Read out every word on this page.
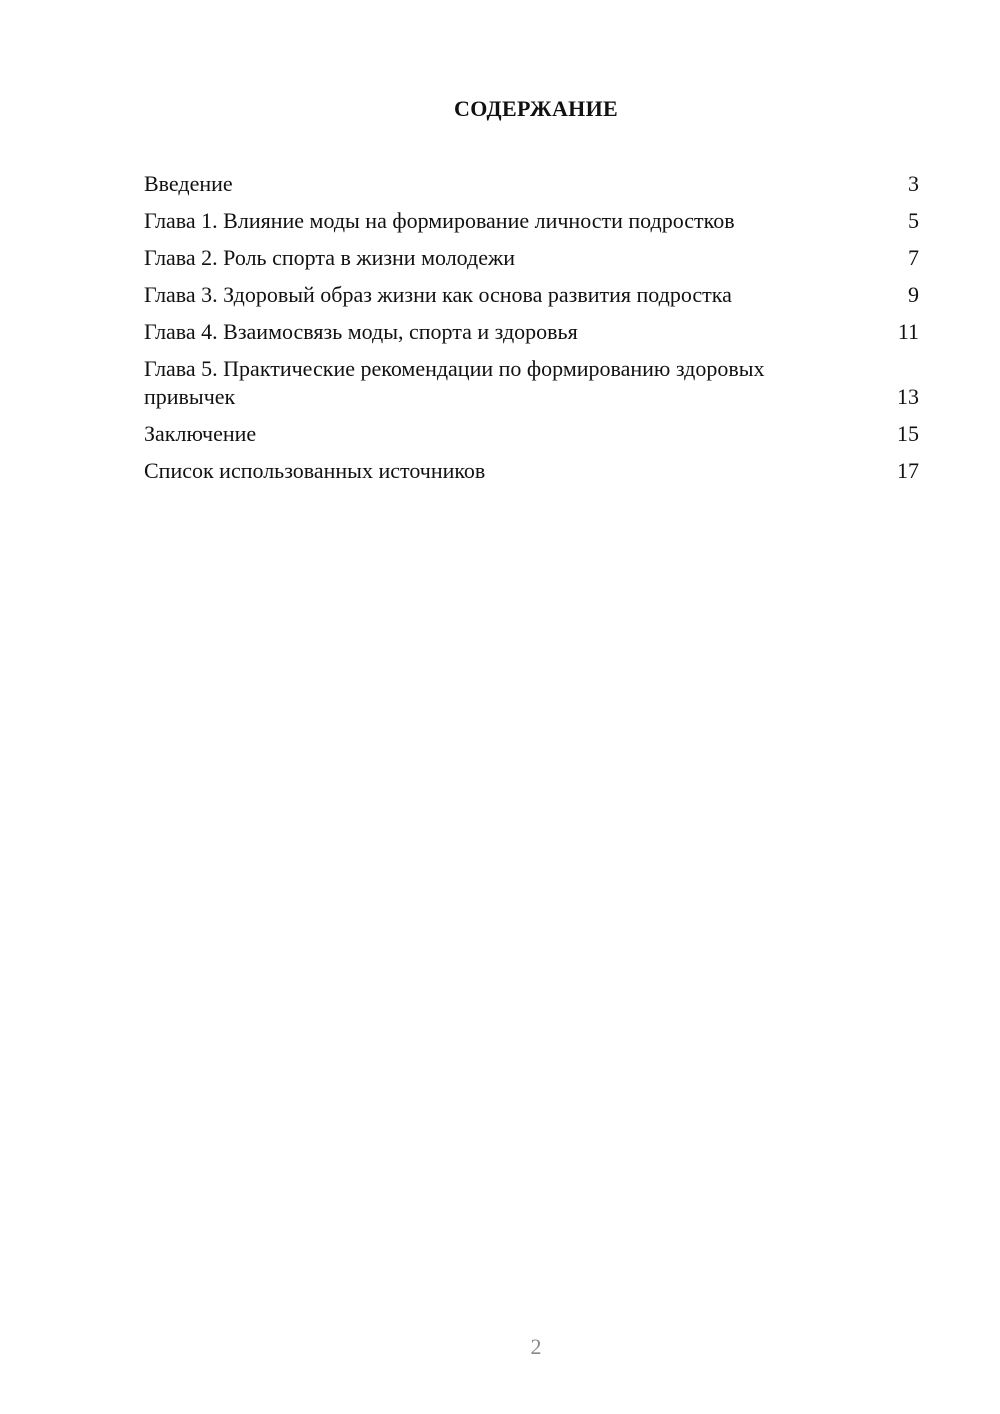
СОДЕРЖАНИЕ
Введение	3
Глава 1. Влияние моды на формирование личности подростков	5
Глава 2. Роль спорта в жизни молодежи	7
Глава 3. Здоровый образ жизни как основа развития подростка	9
Глава 4. Взаимосвязь моды, спорта и здоровья	11
Глава 5. Практические рекомендации по формированию здоровых привычек	13
Заключение	15
Список использованных источников	17

2
